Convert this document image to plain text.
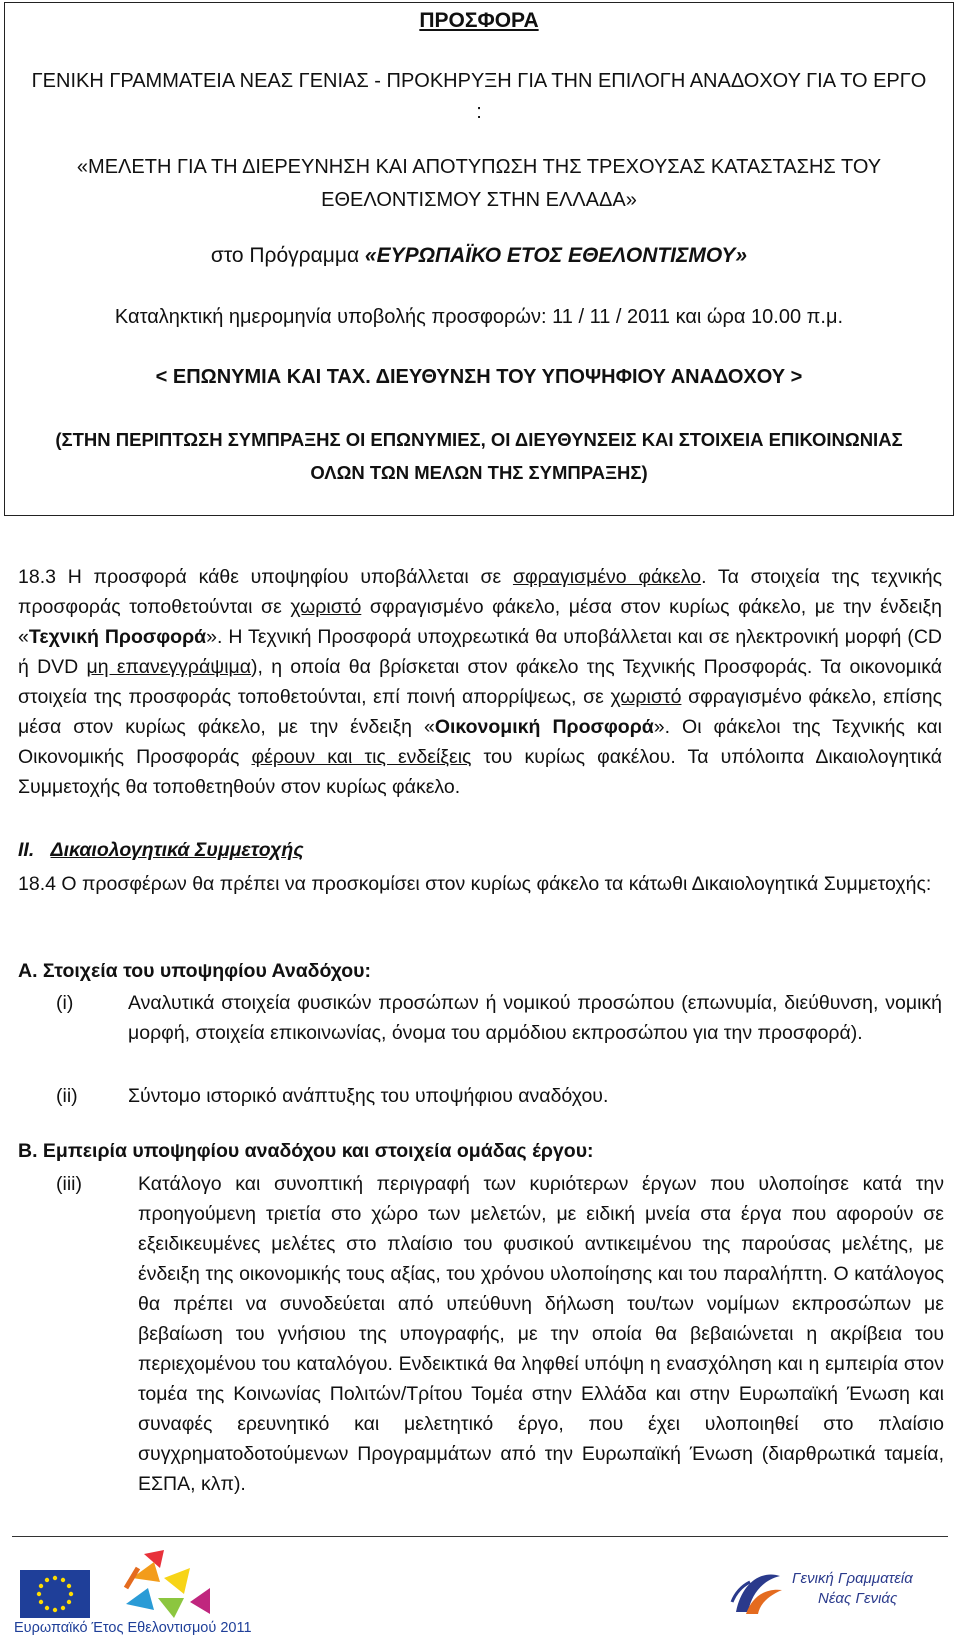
ΠΡΟΣΦΟΡΑ

ΓΕΝΙΚΗ ΓΡΑΜΜΑΤΕΙΑ ΝΕΑΣ ΓΕΝΙΑΣ - ΠΡΟΚΗΡΥΞΗ ΓΙΑ ΤΗΝ ΕΠΙΛΟΓΗ ΑΝΑΔΟΧΟΥ ΓΙΑ ΤΟ ΕΡΓΟ

:

«ΜΕΛΕΤΗ ΓΙΑ ΤΗ ΔΙΕΡΕΥΝΗΣΗ ΚΑΙ ΑΠΟΤΥΠΩΣΗ ΤΗΣ ΤΡΕΧΟΥΣΑΣ ΚΑΤΑΣΤΑΣΗΣ ΤΟΥ

ΕΘΕΛΟΝΤΙΣΜΟΥ ΣΤΗΝ ΕΛΛΑΔΑ»

στο Πρόγραμμα «ΕΥΡΩΠΑΪΚΟ ΕΤΟΣ ΕΘΕΛΟΝΤΙΣΜΟΥ»

Καταληκτική ημερομηνία υποβολής προσφορών: 11 / 11 / 2011 και ώρα 10.00 π.μ.

< ΕΠΩΝΥΜΙΑ ΚΑΙ ΤΑΧ. ΔΙΕΥΘΥΝΣΗ ΤΟΥ ΥΠΟΨΗΦΙΟΥ ΑΝΑΔΟΧΟΥ >

(ΣΤΗΝ ΠΕΡΙΠΤΩΣΗ ΣΥΜΠΡΑΞΗΣ ΟΙ ΕΠΩΝΥΜΙΕΣ, ΟΙ ΔΙΕΥΘΥΝΣΕΙΣ ΚΑΙ ΣΤΟΙΧΕΙΑ ΕΠΙΚΟΙΝΩΝΙΑΣ

ΟΛΩΝ ΤΩΝ ΜΕΛΩΝ ΤΗΣ ΣΥΜΠΡΑΞΗΣ)

18.3 Η προσφορά κάθε υποψηφίου υποβάλλεται σε σφραγισμένο φάκελο. Τα στοιχεία της τεχνικής προσφοράς τοποθετούνται σε χωριστό σφραγισμένο φάκελο, μέσα στον κυρίως φάκελο, με την ένδειξη «Τεχνική Προσφορά». Η Τεχνική Προσφορά υποχρεωτικά θα υποβάλλεται και σε ηλεκτρονική μορφή (CD ή DVD μη επανεγγράψιμα), η οποία θα βρίσκεται στον φάκελο της Τεχνικής Προσφοράς. Τα οικονομικά στοιχεία της προσφοράς τοποθετούνται, επί ποινή απορρίψεως, σε χωριστό σφραγισμένο φάκελο, επίσης μέσα στον κυρίως φάκελο, με την ένδειξη «Οικονομική Προσφορά». Οι φάκελοι της Τεχνικής και Οικονομικής Προσφοράς φέρουν και τις ενδείξεις του κυρίως φακέλου. Τα υπόλοιπα Δικαιολογητικά Συμμετοχής θα τοποθετηθούν στον κυρίως φάκελο.

II. Δικαιολογητικά Συμμετοχής

18.4 Ο προσφέρων θα πρέπει να προσκομίσει στον κυρίως φάκελο τα κάτωθι Δικαιολογητικά Συμμετοχής:

Α. Στοιχεία του υποψηφίου Αναδόχου:

(i)	Αναλυτικά στοιχεία φυσικών προσώπων ή νομικού προσώπου (επωνυμία, διεύθυνση, νομική μορφή, στοιχεία επικοινωνίας, όνομα του αρμόδιου εκπροσώπου για την προσφορά).
(ii)	Σύντομο ιστορικό ανάπτυξης του υποψήφιου αναδόχου.

Β. Εμπειρία υποψηφίου αναδόχου και στοιχεία ομάδας έργου:

(iii)	Κατάλογο και συνοπτική περιγραφή των κυριότερων έργων που υλοποίησε κατά την προηγούμενη τριετία στο χώρο των μελετών, με ειδική μνεία στα έργα που αφορούν σε εξειδικευμένες μελέτες στο πλαίσιο του φυσικού αντικειμένου της παρούσας μελέτης, με ένδειξη της οικονομικής τους αξίας, του χρόνου υλοποίησης και του παραλήπτη. Ο κατάλογος θα πρέπει να συνοδεύεται από υπεύθυνη δήλωση του/των νομίμων εκπροσώπων με βεβαίωση του γνήσιου της υπογραφής, με την οποία θα βεβαιώνεται η ακρίβεια του περιεχομένου του καταλόγου. Ενδεικτικά θα ληφθεί υπόψη η ενασχόληση και η εμπειρία στον τομέα της Κοινωνίας Πολιτών/Τρίτου Τομέα στην Ελλάδα και στην Ευρωπαϊκή Ένωση και συναφές ερευνητικό και μελετητικό έργο, που έχει υλοποιηθεί στο πλαίσιο συγχρηματοδοτούμενων Προγραμμάτων από την Ευρωπαϊκή Ένωση (διαρθρωτικά ταμεία, ΕΣΠΑ, κλπ).
Ευρωπαϊκό Έτος Εθελοντισμού 2011
Γενική Γραμματεία
Νέας Γενιάς
